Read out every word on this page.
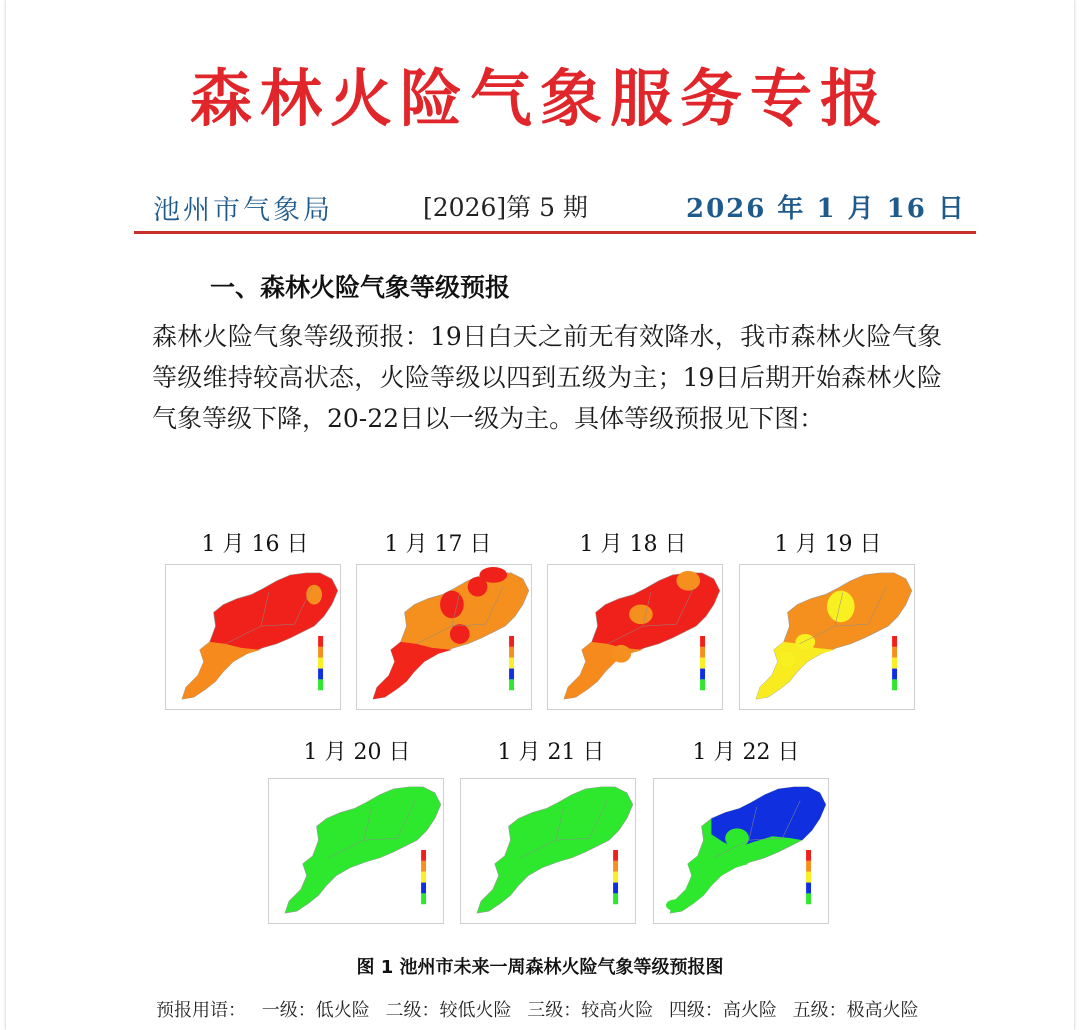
森林火险气象服务专报
池州市气象局	[2026]第 5 期	2026 年 1 月 16 日
一、森林火险气象等级预报
森林火险气象等级预报：19日白天之前无有效降水，我市森林火险气象等级维持较高状态，火险等级以四到五级为主；19日后期开始森林火险气象等级下降，20-22日以一级为主。具体等级预报见下图：
1 月 16 日	1 月 17 日	1 月 18 日	1 月 19 日
1 月 20 日	1 月 21 日	1 月 22 日
图 1 池州市未来一周森林火险气象等级预报图
预报用语： 一级：低火险 二级：较低火险 三级：较高火险 四级：高火险 五级：极高火险
